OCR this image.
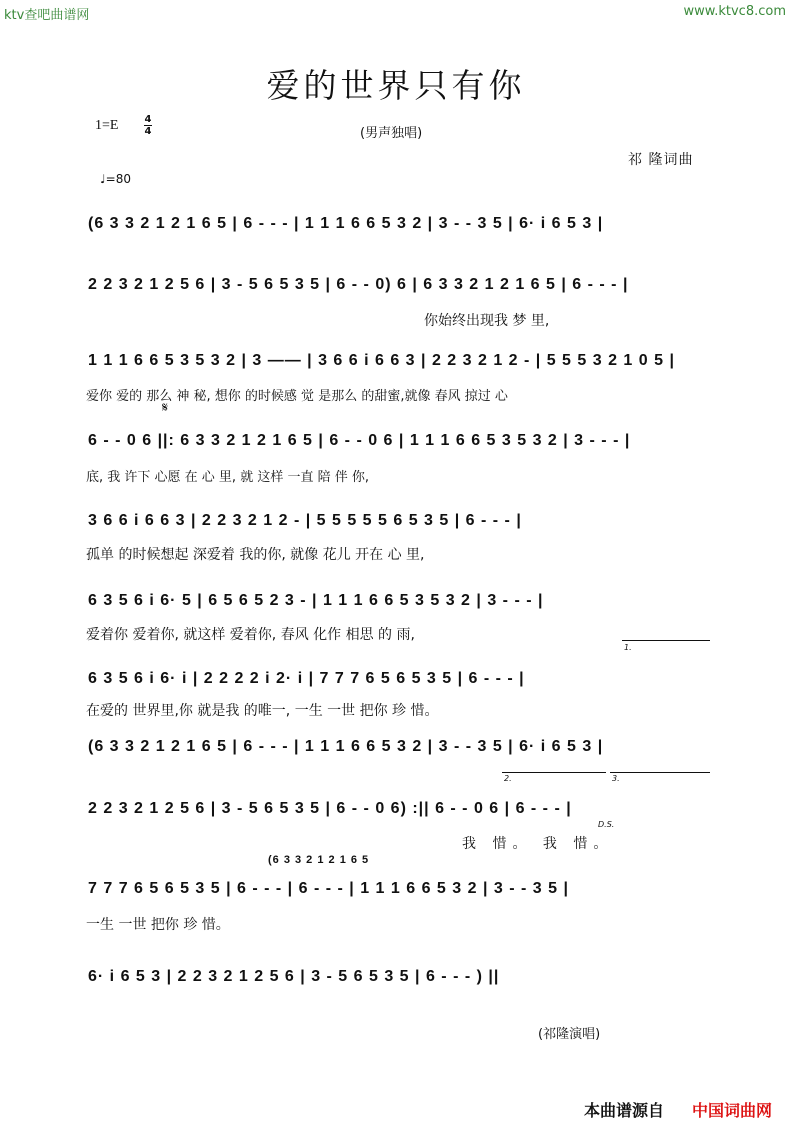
ktv查吧曲谱网	www.ktvc8.com
爱的世界只有你
1=E	4
4	(男声独唱)
祁 隆词曲
♩=80
(6 3 3 2 1 2 1 6 5 | 6 - - - | 1 1 1 6 6 5 3 2 | 3 - - 3 5 | 6· i 6 5 3 |
2 2 3 2 1 2 5 6 | 3 - 5 6 5 3 5 | 6 - - 0) 6 | 6 3 3 2 1 2 1 6 5 | 6 - - - |
你始终出现我 梦 里,
1 1 1 6 6 5 3 5 3 2 | 3 —— | 3 6 6 i 6 6 3 | 2 2 3 2 1 2 - | 5 5 5 3 2 1 0 5 |
爱你 爱的 那么 神 秘, 想你 的时候感 觉 是那么 的甜蜜,就像 春风 掠过 心
𝄋
6 - - 0 6 ||: 6 3 3 2 1 2 1 6 5 | 6 - - 0 6 | 1 1 1 6 6 5 3 5 3 2 | 3 - - - |
底, 我 许下 心愿 在 心 里, 就 这样 一直 陪 伴 你,
3 6 6 i 6 6 3 | 2 2 3 2 1 2 - | 5 5 5 5 5 6 5 3 5 | 6 - - - |
孤单 的时候想起 深爱着 我的你, 就像 花儿 开在 心 里,
6 3 5 6 i 6· 5 | 6 5 6 5 2 3 - | 1 1 1 6 6 5 3 5 3 2 | 3 - - - |
爱着你 爱着你, 就这样 爱着你, 春风 化作 相思 的 雨,
1.
6 3 5 6 i 6· i | 2 2 2 2 i 2· i | 7 7 7 6 5 6 5 3 5 | 6 - - - |
在爱的 世界里,你 就是我 的唯一, 一生 一世 把你 珍 惜。
(6 3 3 2 1 2 1 6 5 | 6 - - - | 1 1 1 6 6 5 3 2 | 3 - - 3 5 | 6· i 6 5 3 |
2.	3.
2 2 3 2 1 2 5 6 | 3 - 5 6 5 3 5 | 6 - - 0 6) :|| 6 - - 0 6 | 6 - - - |
D.S.
我 惜。 我 惜。
(6 3 3 2 1 2 1 6 5
7 7 7 6 5 6 5 3 5 | 6 - - - | 6 - - - | 1 1 1 6 6 5 3 2 | 3 - - 3 5 |
一生 一世 把你 珍 惜。
6· i 6 5 3 | 2 2 3 2 1 2 5 6 | 3 - 5 6 5 3 5 | 6 - - - ) ||
(祁隆演唱)
本曲谱源自 中国词曲网
